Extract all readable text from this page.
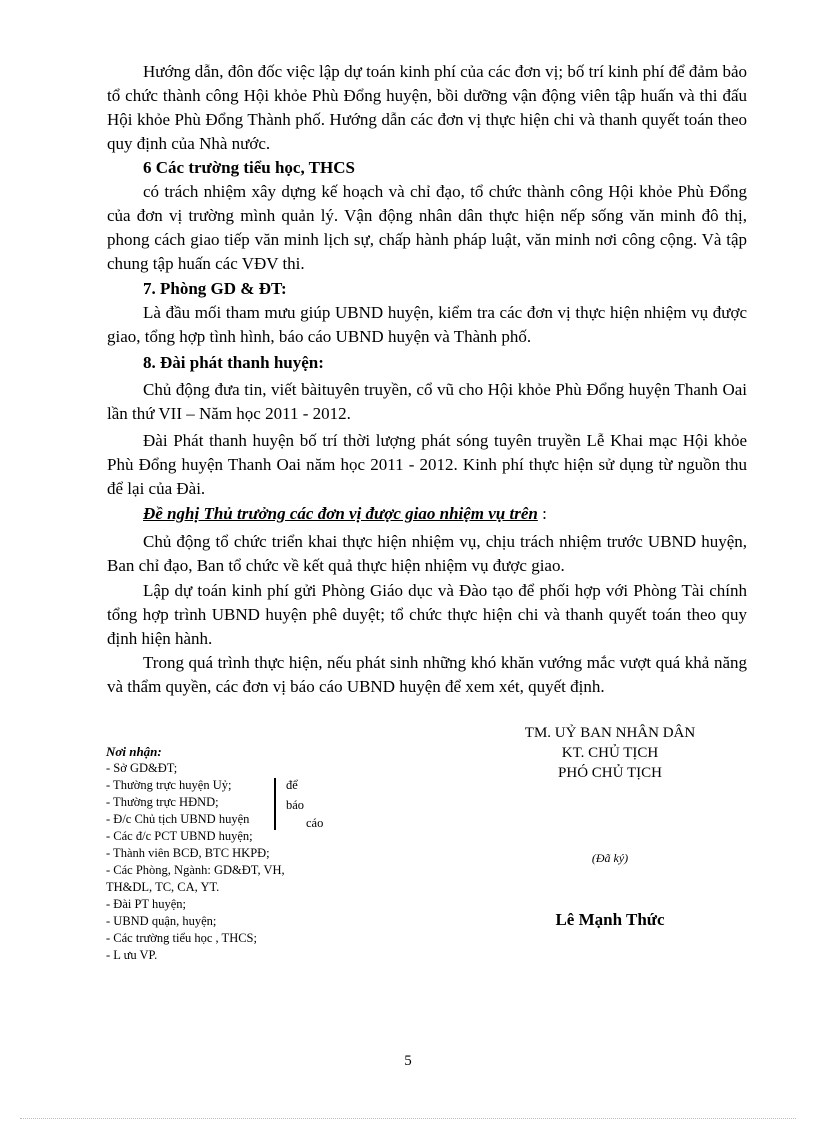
Hướng dẫn, đôn đốc việc lập dự toán kinh phí của các đơn vị; bố trí kinh phí để đảm bảo tổ chức thành công Hội khỏe Phù Đổng huyện, bồi dưỡng vận động viên tập huấn và thi đấu Hội khỏe Phù Đổng Thành phố. Hướng dẫn các đơn vị thực hiện chi và thanh quyết toán theo quy định của Nhà nước.

6 Các trường tiểu học, THCS

có trách nhiệm xây dựng kế hoạch và chỉ đạo, tổ chức thành công Hội khỏe Phù Đổng của đơn vị trường mình quản lý. Vận động nhân dân thực hiện nếp sống văn minh đô thị, phong cách giao tiếp văn minh lịch sự, chấp hành pháp luật, văn minh nơi công cộng. Và tập chung tập huấn các VĐV thi.

7. Phòng GD & ĐT:

Là đầu mối tham mưu giúp UBND huyện, kiểm tra các đơn vị thực hiện nhiệm vụ được giao, tổng hợp tình hình, báo cáo UBND huyện và Thành phố.

8. Đài phát thanh huyện:

Chủ động đưa tin, viết bàituyên truyền, cổ vũ cho Hội khỏe Phù Đổng huyện Thanh Oai lần thứ VII – Năm học 2011 - 2012.

Đài Phát thanh huyện bố trí thời lượng phát sóng tuyên truyền Lễ Khai mạc Hội khỏe Phù Đổng huyện Thanh Oai năm học 2011 - 2012. Kinh phí thực hiện sử dụng từ nguồn thu để lại của Đài.

Đề nghị Thủ trưởng các đơn vị được giao nhiệm vụ trên :

Chủ động tổ chức triển khai thực hiện nhiệm vụ, chịu trách nhiệm trước UBND huyện, Ban chỉ đạo, Ban tổ chức về kết quả thực hiện nhiệm vụ được giao.

Lập dự toán kinh phí gửi Phòng Giáo dục và Đào tạo để phối hợp với Phòng Tài chính tổng hợp trình UBND huyện phê duyệt; tổ chức thực hiện chi và thanh quyết toán theo quy định hiện hành.

Trong quá trình thực hiện, nếu phát sinh những khó khăn vướng mắc vượt quá khả năng và thẩm quyền, các đơn vị báo cáo UBND huyện để xem xét, quyết định.

TM. UỶ BAN NHÂN DÂN

KT. CHỦ TỊCH

PHÓ CHỦ TỊCH

(Đã ký)

Lê Mạnh Thức

Nơi nhận:
- Sở GD&ĐT;
- Thường trực huyện Uỷ;
- Thường trực HĐND;
- Đ/c Chủ tịch UBND huyện
- Các đ/c PCT UBND huyện;
- Thành viên BCĐ, BTC HKPĐ;
- Các Phòng, Ngành: GD&ĐT, VH,
TH&DL, TC, CA, YT.
- Đài PT huyện;
- UBND quận, huyện;
- Các trường tiểu học , THCS;
- L ưu VP.
để
báo
cáo
5
